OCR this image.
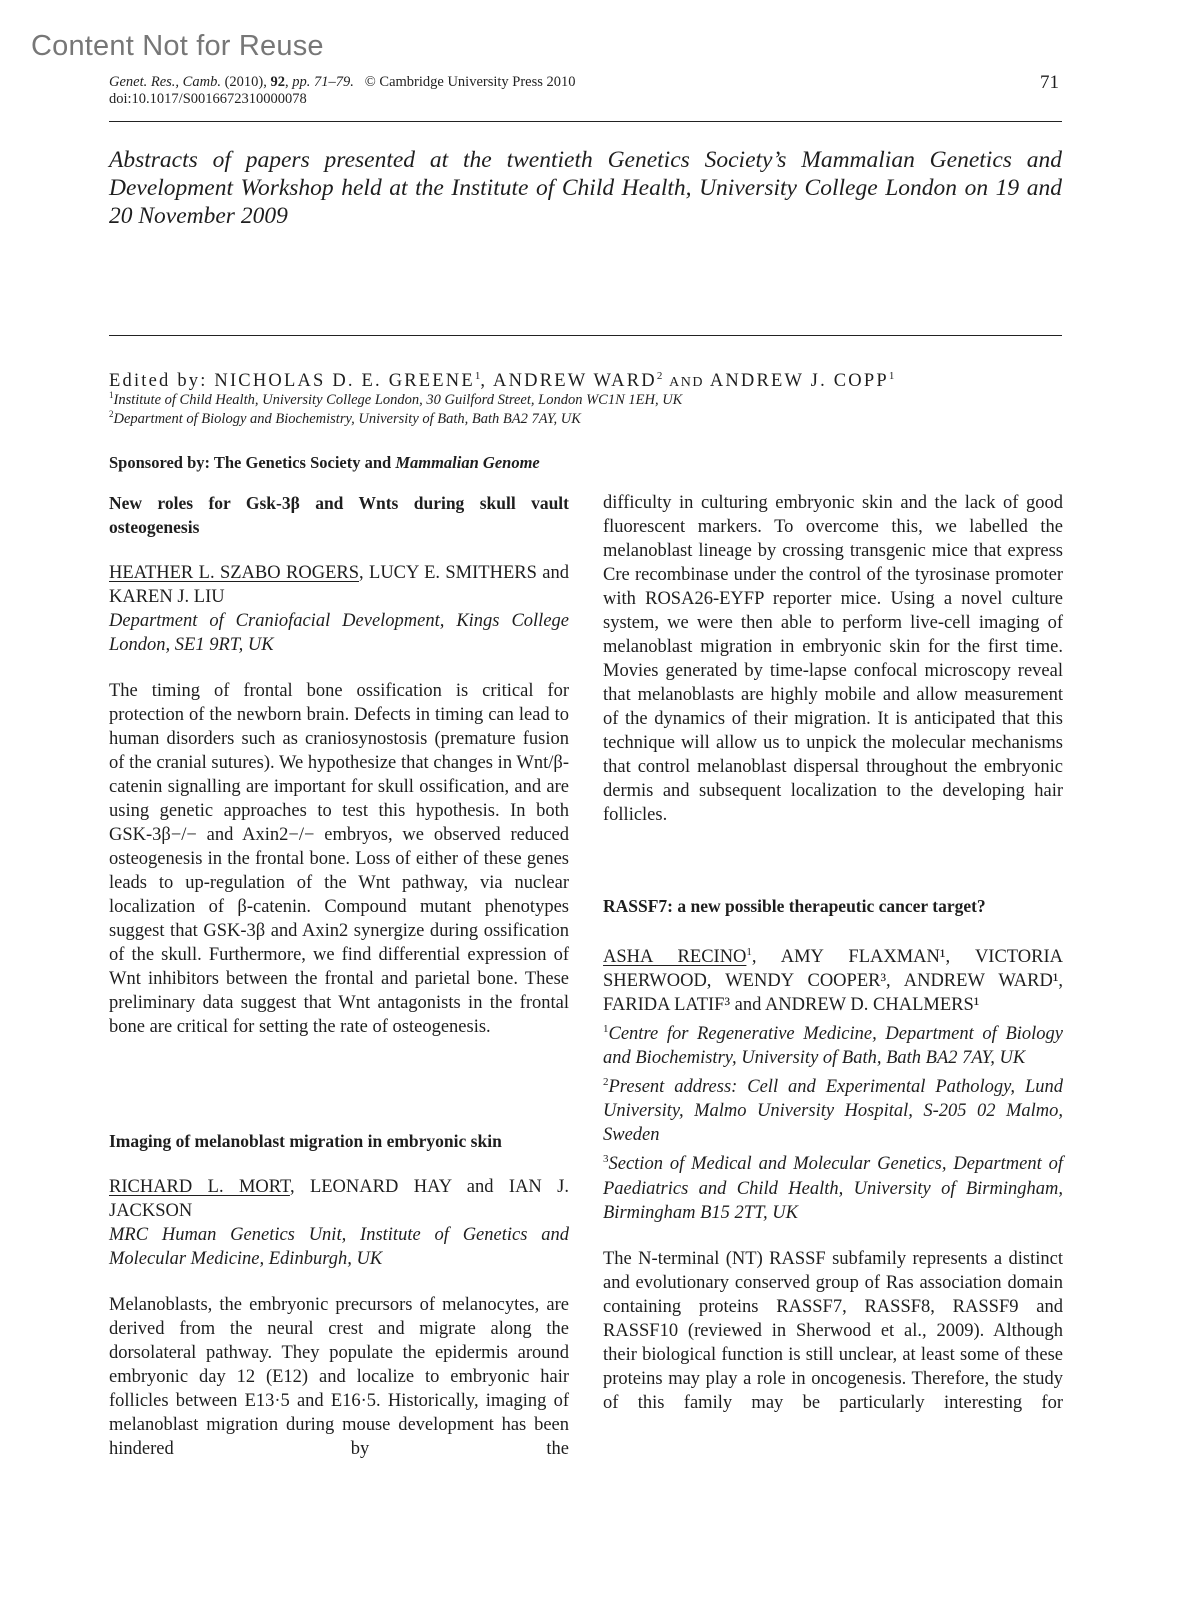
Content Not for Reuse
Genet. Res., Camb. (2010), 92, pp. 71–79. © Cambridge University Press 2010
doi:10.1017/S0016672310000078
71
Abstracts of papers presented at the twentieth Genetics Society’s Mammalian Genetics and Development Workshop held at the Institute of Child Health, University College London on 19 and 20 November 2009
Edited by: NICHOLAS D. E. GREENE$^1$, ANDREW WARD$^2$ AND ANDREW J. COPP$^1$
$^1$Institute of Child Health, University College London, 30 Guilford Street, London WC1N 1EH, UK
$^2$Department of Biology and Biochemistry, University of Bath, Bath BA2 7AY, UK
Sponsored by: The Genetics Society and Mammalian Genome

New roles for Gsk-3β and Wnts during skull vault osteogenesis

HEATHER L. SZABO ROGERS, LUCY E. SMITHERS and KAREN J. LIU

Department of Craniofacial Development, Kings College London, SE1 9RT, UK

The timing of frontal bone ossification is critical for protection of the newborn brain. Defects in timing can lead to human disorders such as craniosynostosis (premature fusion of the cranial sutures). We hypothesize that changes in Wnt/β-catenin signalling are important for skull ossification, and are using genetic approaches to test this hypothesis. In both GSK-3β−/− and Axin2−/− embryos, we observed reduced osteogenesis in the frontal bone. Loss of either of these genes leads to up-regulation of the Wnt pathway, via nuclear localization of β-catenin. Compound mutant phenotypes suggest that GSK-3β and Axin2 synergize during ossification of the skull. Furthermore, we find differential expression of Wnt inhibitors between the frontal and parietal bone. These preliminary data suggest that Wnt antagonists in the frontal bone are critical for setting the rate of osteogenesis.

Imaging of melanoblast migration in embryonic skin

RICHARD L. MORT, LEONARD HAY and IAN J. JACKSON

MRC Human Genetics Unit, Institute of Genetics and Molecular Medicine, Edinburgh, UK

Melanoblasts, the embryonic precursors of melanocytes, are derived from the neural crest and migrate along the dorsolateral pathway. They populate the epidermis around embryonic day 12 (E12) and localize to embryonic hair follicles between E13·5 and E16·5. Historically, imaging of melanoblast migration during mouse development has been hindered by the

difficulty in culturing embryonic skin and the lack of good fluorescent markers. To overcome this, we labelled the melanoblast lineage by crossing transgenic mice that express Cre recombinase under the control of the tyrosinase promoter with ROSA26-EYFP reporter mice. Using a novel culture system, we were then able to perform live-cell imaging of melanoblast migration in embryonic skin for the first time. Movies generated by time-lapse confocal microscopy reveal that melanoblasts are highly mobile and allow measurement of the dynamics of their migration. It is anticipated that this technique will allow us to unpick the molecular mechanisms that control melanoblast dispersal throughout the embryonic dermis and subsequent localization to the developing hair follicles.

RASSF7: a new possible therapeutic cancer target?

ASHA RECINO$^1$, AMY FLAXMAN¹, VICTORIA SHERWOOD, WENDY COOPER³, ANDREW WARD¹, FARIDA LATIF³ and ANDREW D. CHALMERS¹

$^1$Centre for Regenerative Medicine, Department of Biology and Biochemistry, University of Bath, Bath BA2 7AY, UK

$^2$Present address: Cell and Experimental Pathology, Lund University, Malmo University Hospital, S-205 02 Malmo, Sweden

$^3$Section of Medical and Molecular Genetics, Department of Paediatrics and Child Health, University of Birmingham, Birmingham B15 2TT, UK

The N-terminal (NT) RASSF subfamily represents a distinct and evolutionary conserved group of Ras association domain containing proteins RASSF7, RASSF8, RASSF9 and RASSF10 (reviewed in Sherwood et al., 2009). Although their biological function is still unclear, at least some of these proteins may play a role in oncogenesis. Therefore, the study of this family may be particularly interesting for
